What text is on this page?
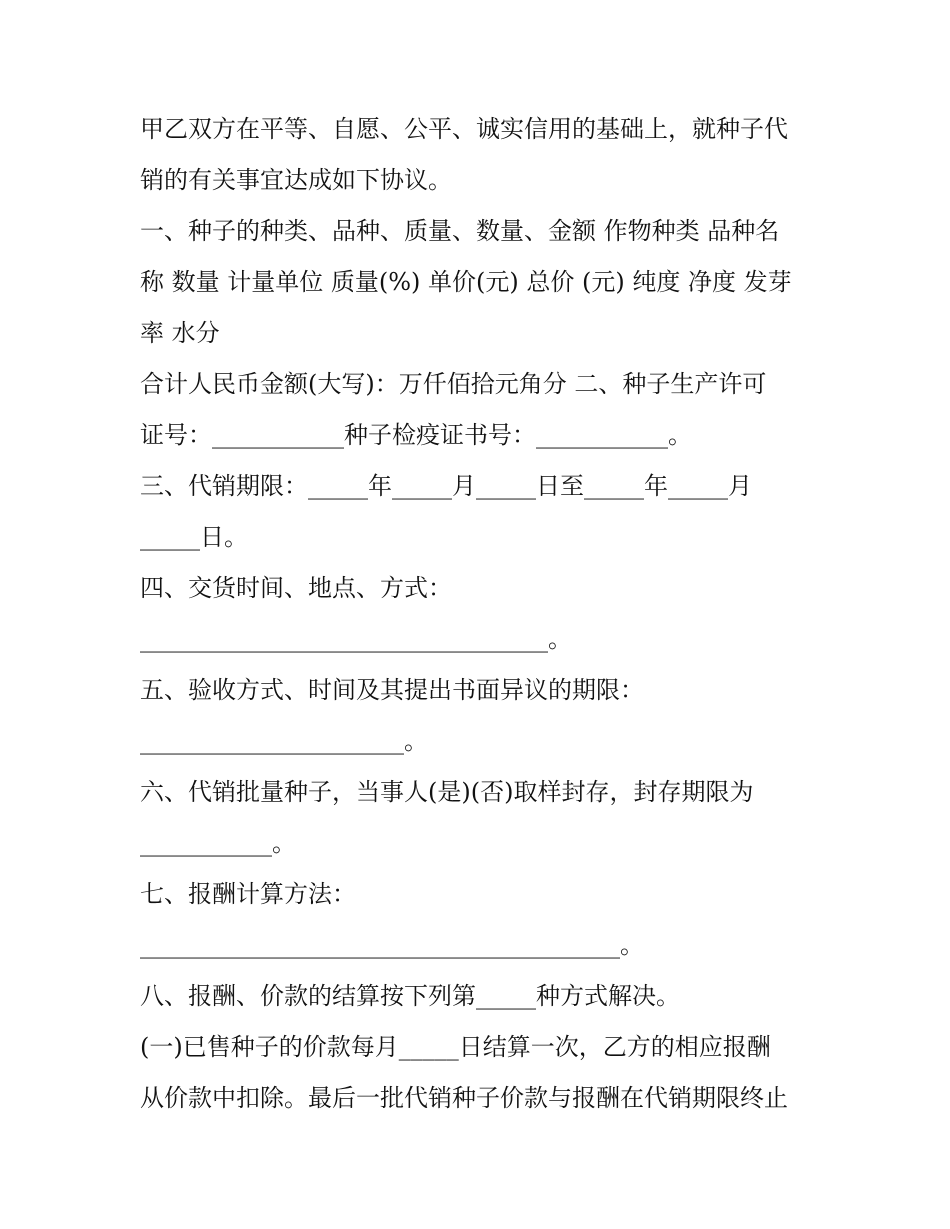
甲乙双方在平等、自愿、公平、诚实信用的基础上，就种子代
销的有关事宜达成如下协议。
一、种子的种类、品种、质量、数量、金额 作物种类 品种名
称 数量 计量单位 质量(%) 单价(元) 总价 (元) 纯度 净度 发芽
率 水分
合计人民币金额(大写)：万仟佰拾元角分 二、种子生产许可
证号：___________种子检疫证书号：___________。
三、代销期限：_____年_____月_____日至_____年_____月
_____日。
四、交货时间、地点、方式：
__________________________________。
五、验收方式、时间及其提出书面异议的期限：
______________________。
六、代销批量种子，当事人(是)(否)取样封存，封存期限为
___________。
七、报酬计算方法：
________________________________________。
八、报酬、价款的结算按下列第_____种方式解决。
(一)已售种子的价款每月_____日结算一次，乙方的相应报酬
从价款中扣除。最后一批代销种子价款与报酬在代销期限终止
